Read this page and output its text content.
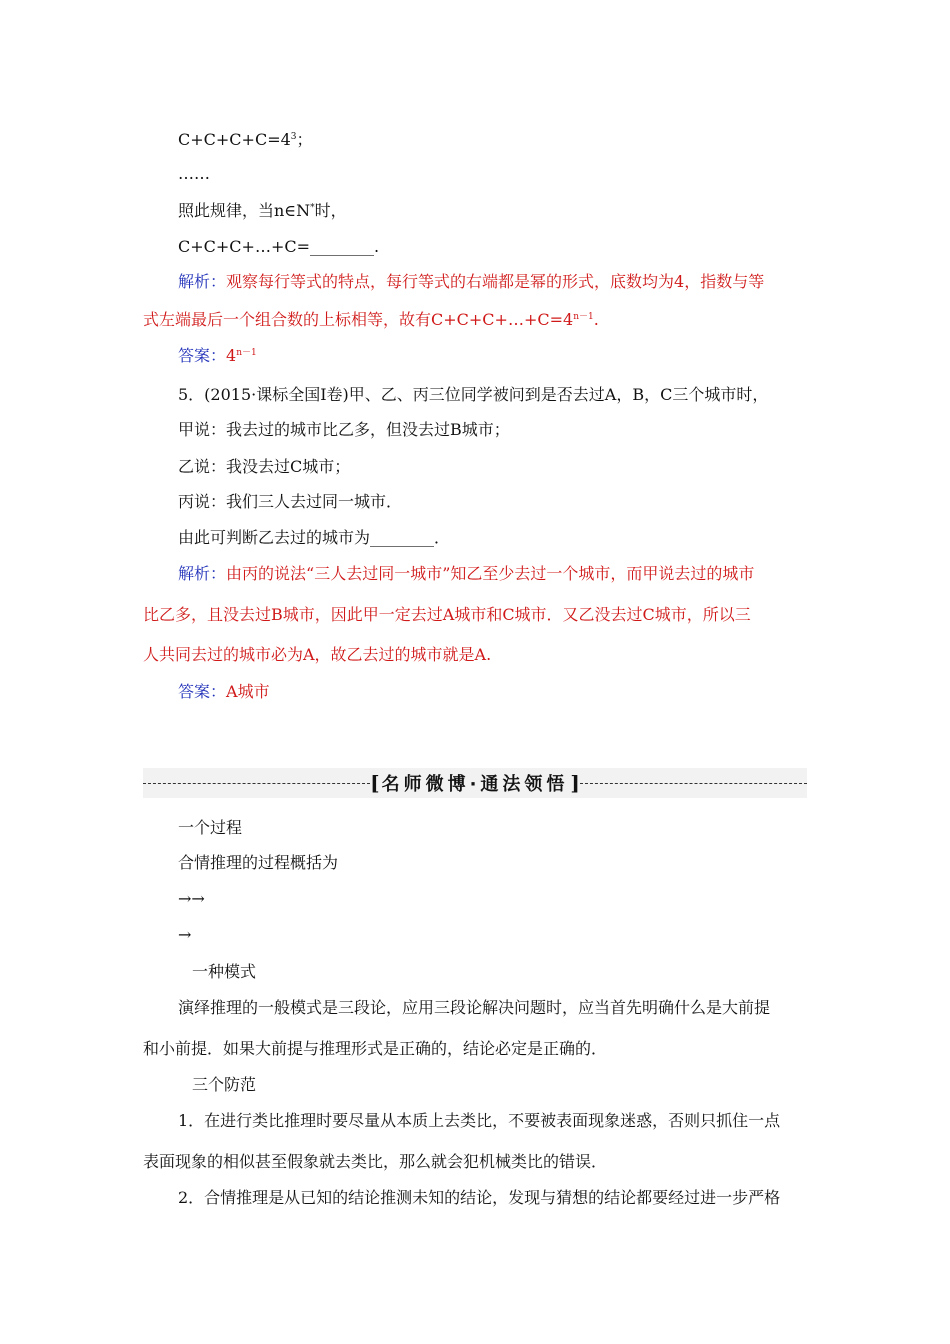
$C+C+C+C=4^3$；
……
照此规律，当n∈N*时，
C+C+C+…+C=________.
解析：观察每行等式的特点，每行等式的右端都是幂的形式，底数均为4，指数与等
式左端最后一个组合数的上标相等，故有$C+C+C+\dots+C=4^{n-1}$.
答案：$4^{n-1}$
5．(2015·课标全国Ⅰ卷)甲、乙、丙三位同学被问到是否去过A，B，C三个城市时，
甲说：我去过的城市比乙多，但没去过B城市；
乙说：我没去过C城市；
丙说：我们三人去过同一城市．
由此可判断乙去过的城市为________．
解析：由丙的说法“三人去过同一城市”知乙至少去过一个城市，而甲说去过的城市
比乙多，且没去过B城市，因此甲一定去过A城市和C城市．又乙没去过C城市，所以三
人共同去过的城市必为A，故乙去过的城市就是A.
答案：A城市
[ 名师微博·通法领悟 ]
一个过程
合情推理的过程概括为
→→
→
一种模式
演绎推理的一般模式是三段论，应用三段论解决问题时，应当首先明确什么是大前提
和小前提．如果大前提与推理形式是正确的，结论必定是正确的．
三个防范
1．在进行类比推理时要尽量从本质上去类比，不要被表面现象迷惑，否则只抓住一点
表面现象的相似甚至假象就去类比，那么就会犯机械类比的错误．
2．合情推理是从已知的结论推测未知的结论，发现与猜想的结论都要经过进一步严格
